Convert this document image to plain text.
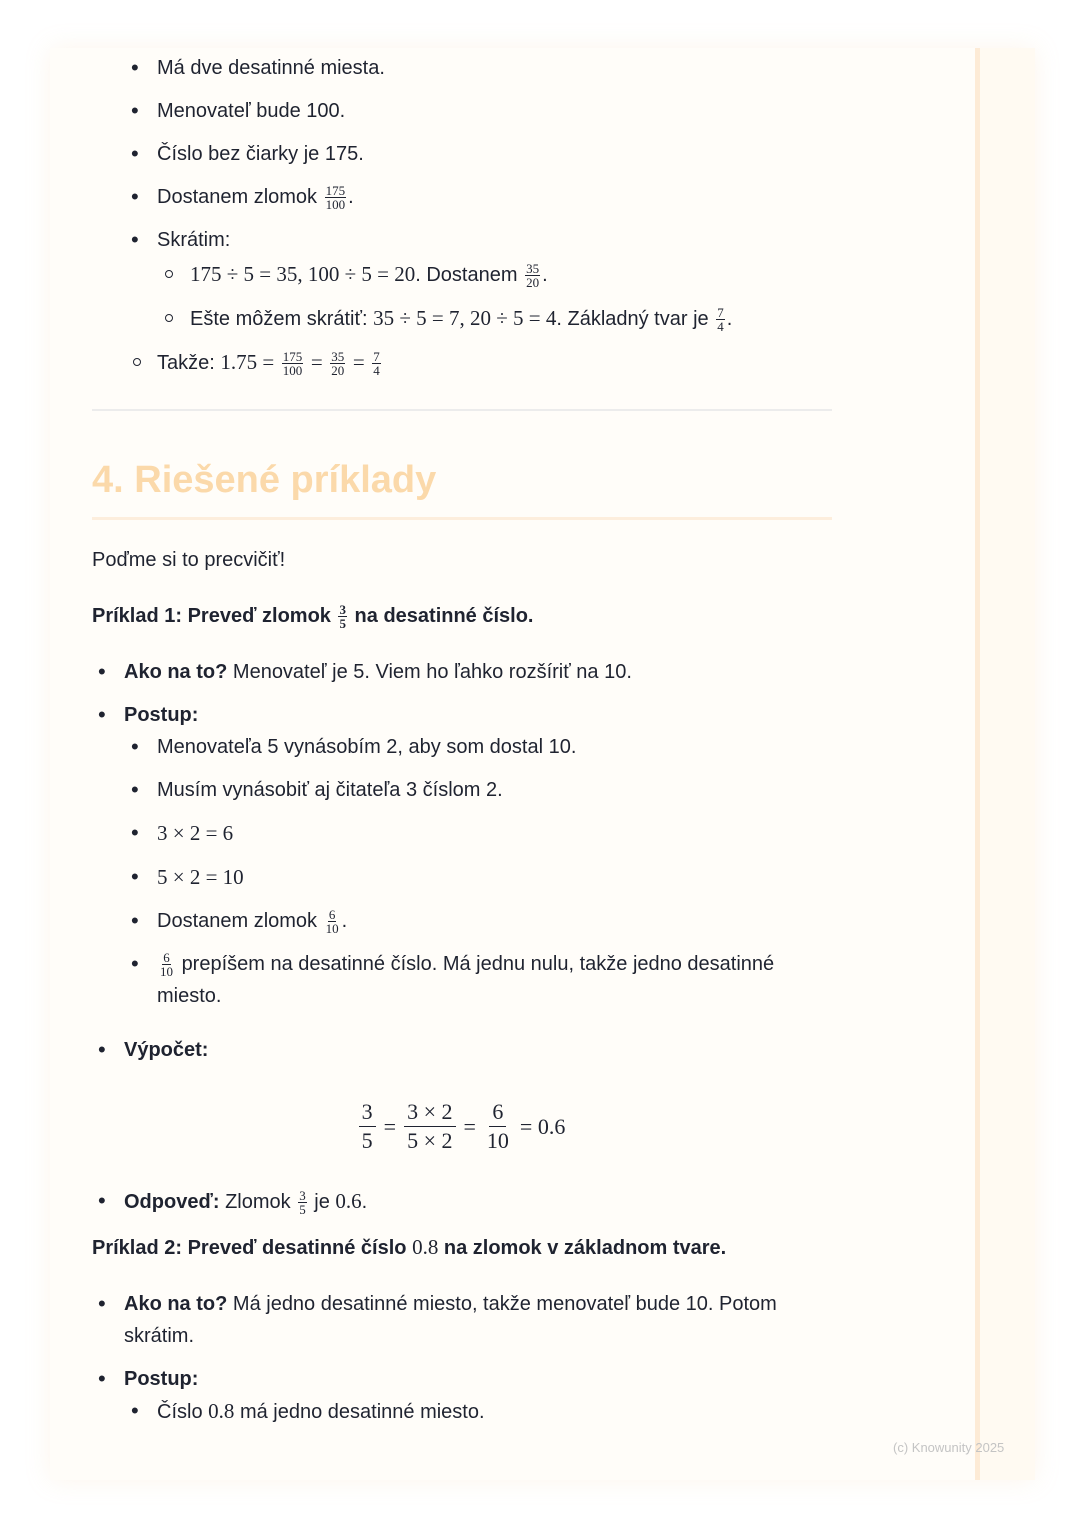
• Má dve desatinné miesta.
• Menovateľ bude 100.
• Číslo bez čiarky je 175.
• Dostanem zlomok $\frac{175}{100}$ .
• Skrátim:
175 ÷ 5 = 35, 100 ÷ 5 = 20. Dostanem $\frac{35}{20}$ .
Ešte môžem skrátiť: 35 ÷ 5 = 7, 20 ÷ 5 = 4. Základný tvar je $\frac{7}{4}$ .
Takže: $1.75 = \frac{175}{100} = \frac{35}{20} = \frac{7}{4}$
4. Riešené príklady

Poďme si to precvičiť!

Príklad 1: Preveď zlomok $\frac{3}{5}$ na desatinné číslo.

• Ako na to? Menovateľ je 5. Viem ho ľahko rozšíriť na 10.
• Postup:
• Menovateľa 5 vynásobím 2, aby som dostal 10.
• Musím vynásobiť aj čitateľa 3 číslom 2.
• 3 × 2 = 6
• 5 × 2 = 10
• Dostanem zlomok $\frac{6}{10}$ .
• $\frac{6}{10}$ prepíšem na desatinné číslo. Má jednu nulu, takže jedno desatinné miesto.
• Výpočet:
$\frac{3}{5} = \frac{3 \times 2}{5 \times 2} = \frac{6}{10} = 0.6$
• Odpoveď: Zlomok $\frac{3}{5}$ je 0.6.

Príklad 2: Preveď desatinné číslo 0.8 na zlomok v základnom tvare.

• Ako na to? Má jedno desatinné miesto, takže menovateľ bude 10. Potom skrátim.
• Postup:
• Číslo 0.8 má jedno desatinné miesto.
(c) Knowunity 2025
